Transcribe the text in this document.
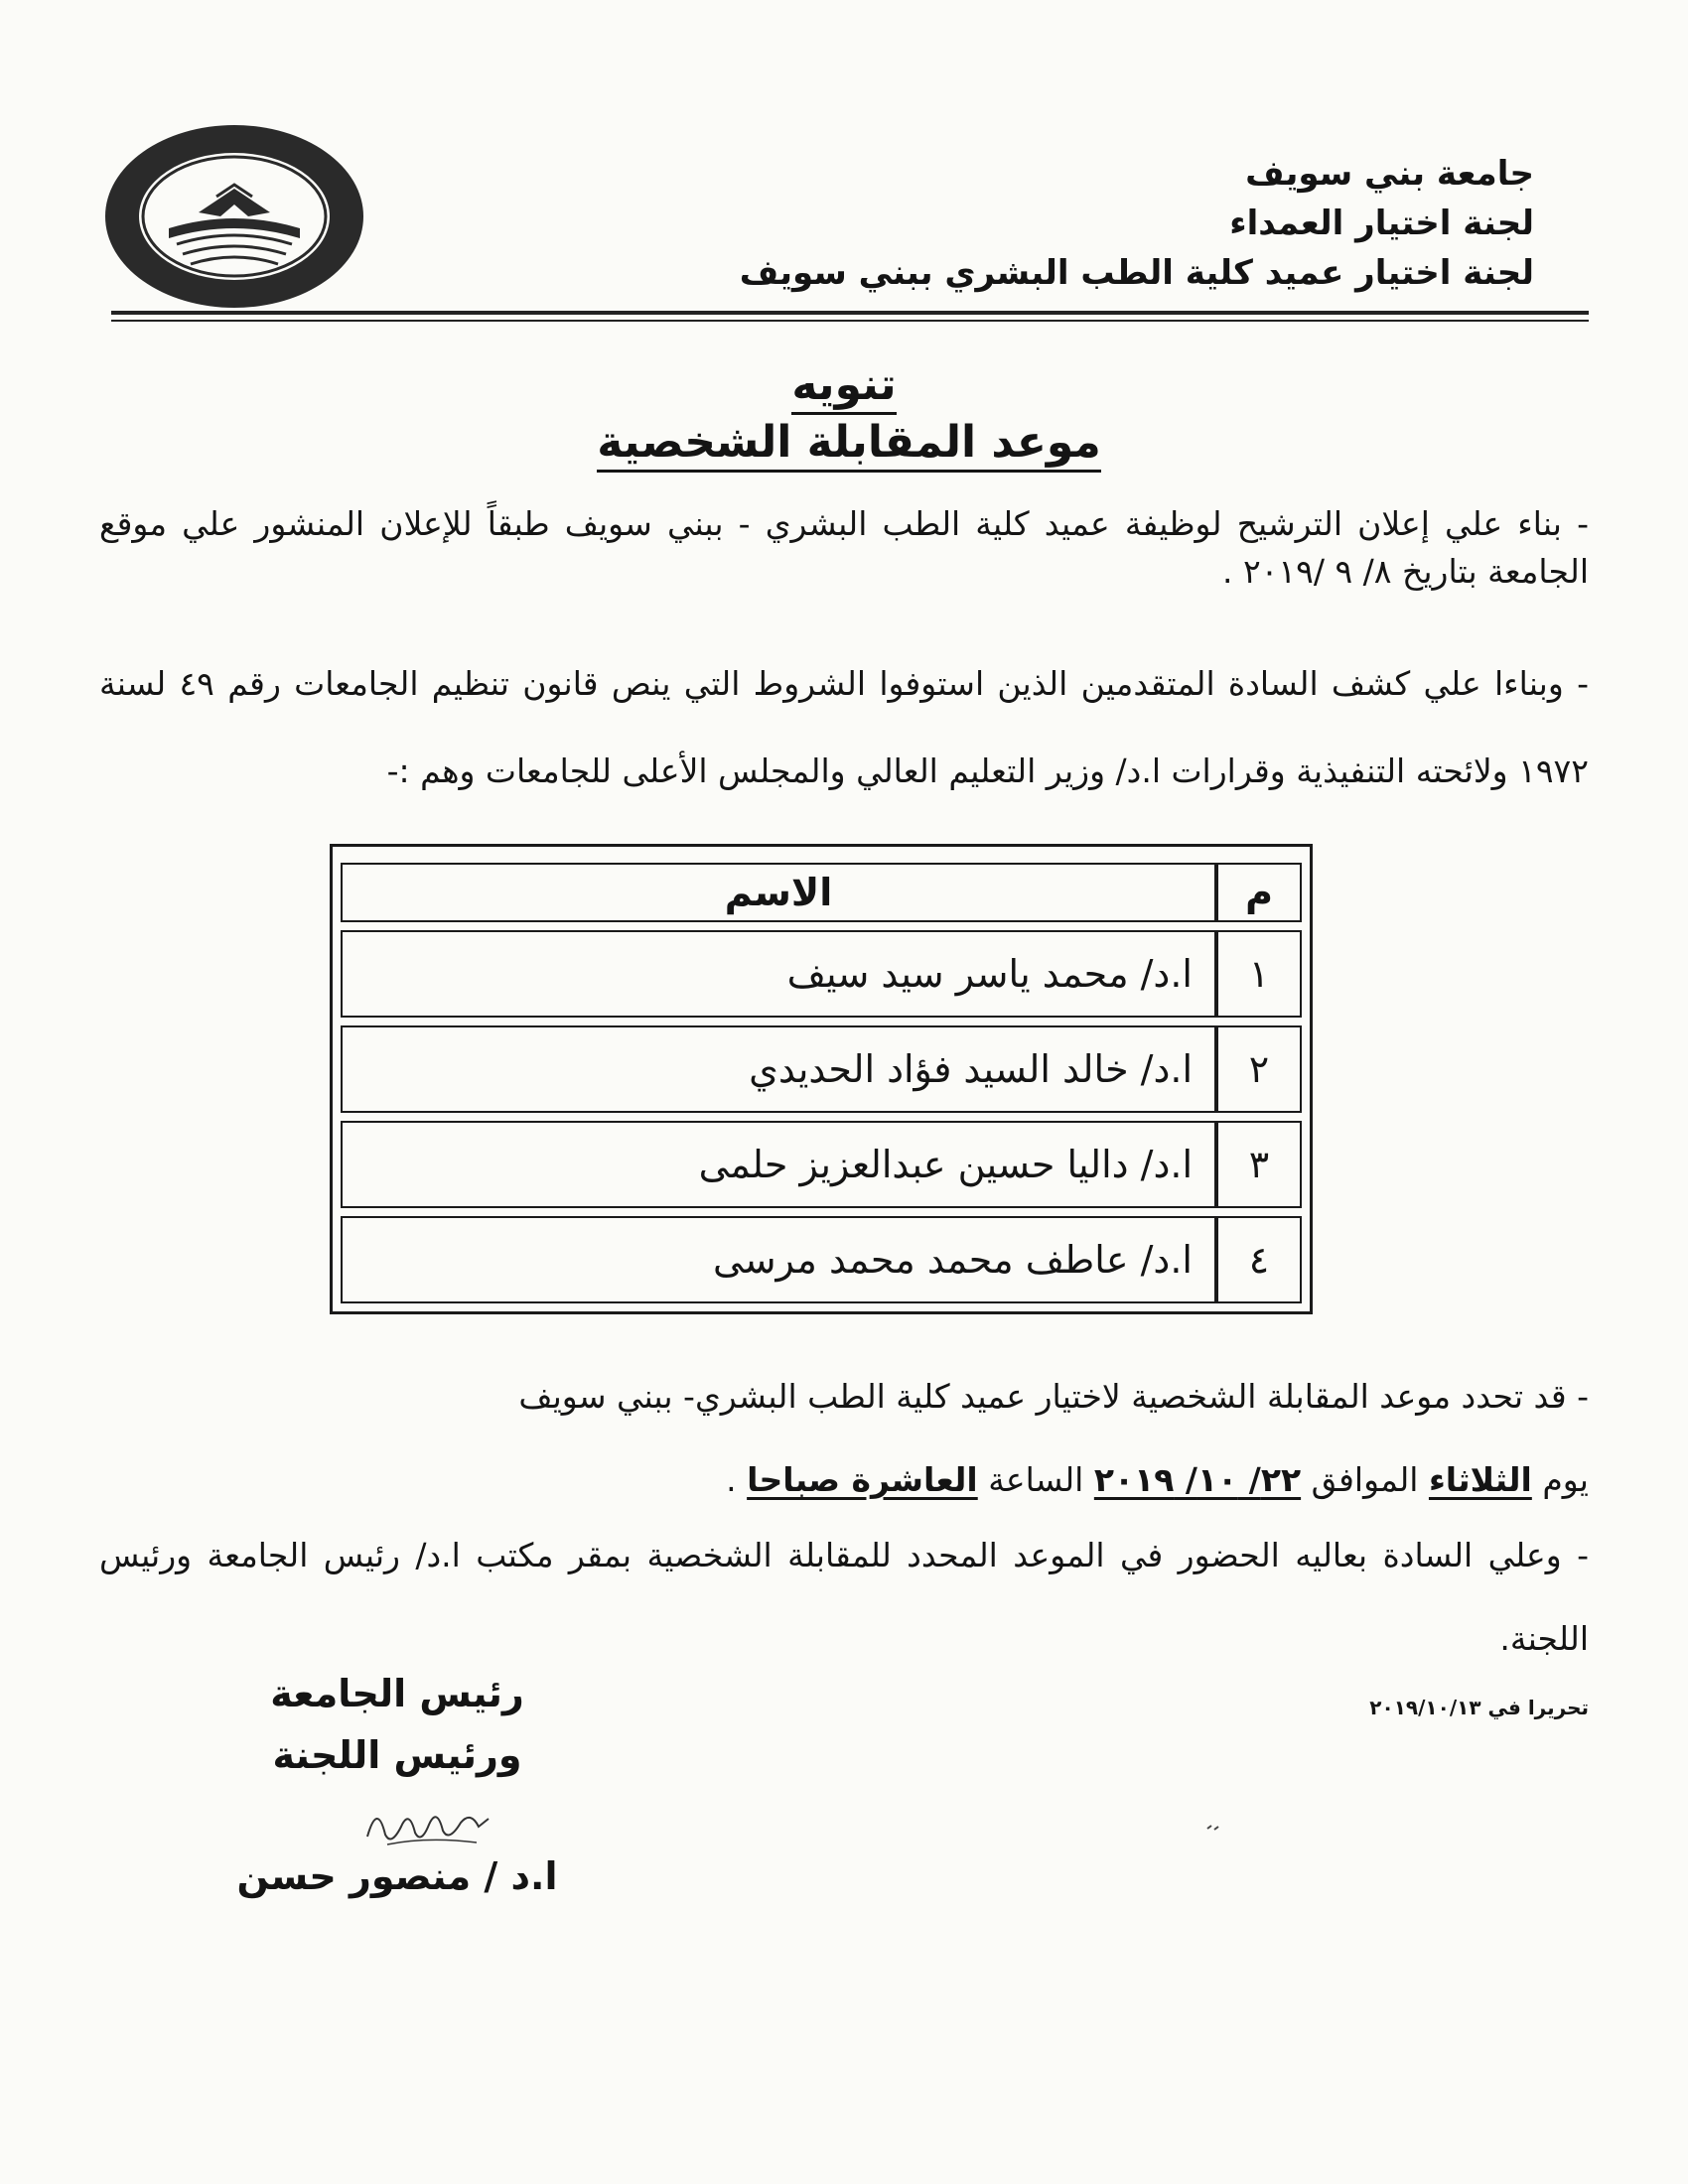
جامعة بني سويف
لجنة اختيار العمداء
لجنة اختيار عميد كلية الطب البشري ببني سويف
تنويه
موعد المقابلة الشخصية
- بناء علي إعلان الترشيح لوظيفة عميد كلية الطب البشري - ببني سويف طبقاً للإعلان المنشور علي موقع الجامعة بتاريخ ٨/ ٩ /٢٠١٩ .
- وبناءا علي كشف السادة المتقدمين الذين استوفوا الشروط التي ينص قانون تنظيم الجامعات رقم ٤٩ لسنة ١٩٧٢ ولائحته التنفيذية وقرارات ا.د/ وزير التعليم العالي والمجلس الأعلى للجامعات وهم :-
م	الاسم
١	ا.د/ محمد ياسر سيد سيف
٢	ا.د/ خالد السيد فؤاد الحديدي
٣	ا.د/ داليا حسين عبدالعزيز حلمى
٤	ا.د/ عاطف محمد محمد مرسى
- قد تحدد موعد المقابلة الشخصية لاختيار عميد كلية الطب البشري- ببني سويف
يوم الثلاثاء الموافق ٢٢/ ١٠/ ٢٠١٩ الساعة العاشرة صباحا .
- وعلي السادة بعاليه الحضور في الموعد المحدد للمقابلة الشخصية بمقر مكتب ا.د/ رئيس الجامعة ورئيس اللجنة.
تحريرا في ٢٠١٩/١٠/١٣
رئيس الجامعة
ورئيس اللجنة
ا.د / منصور حسن
